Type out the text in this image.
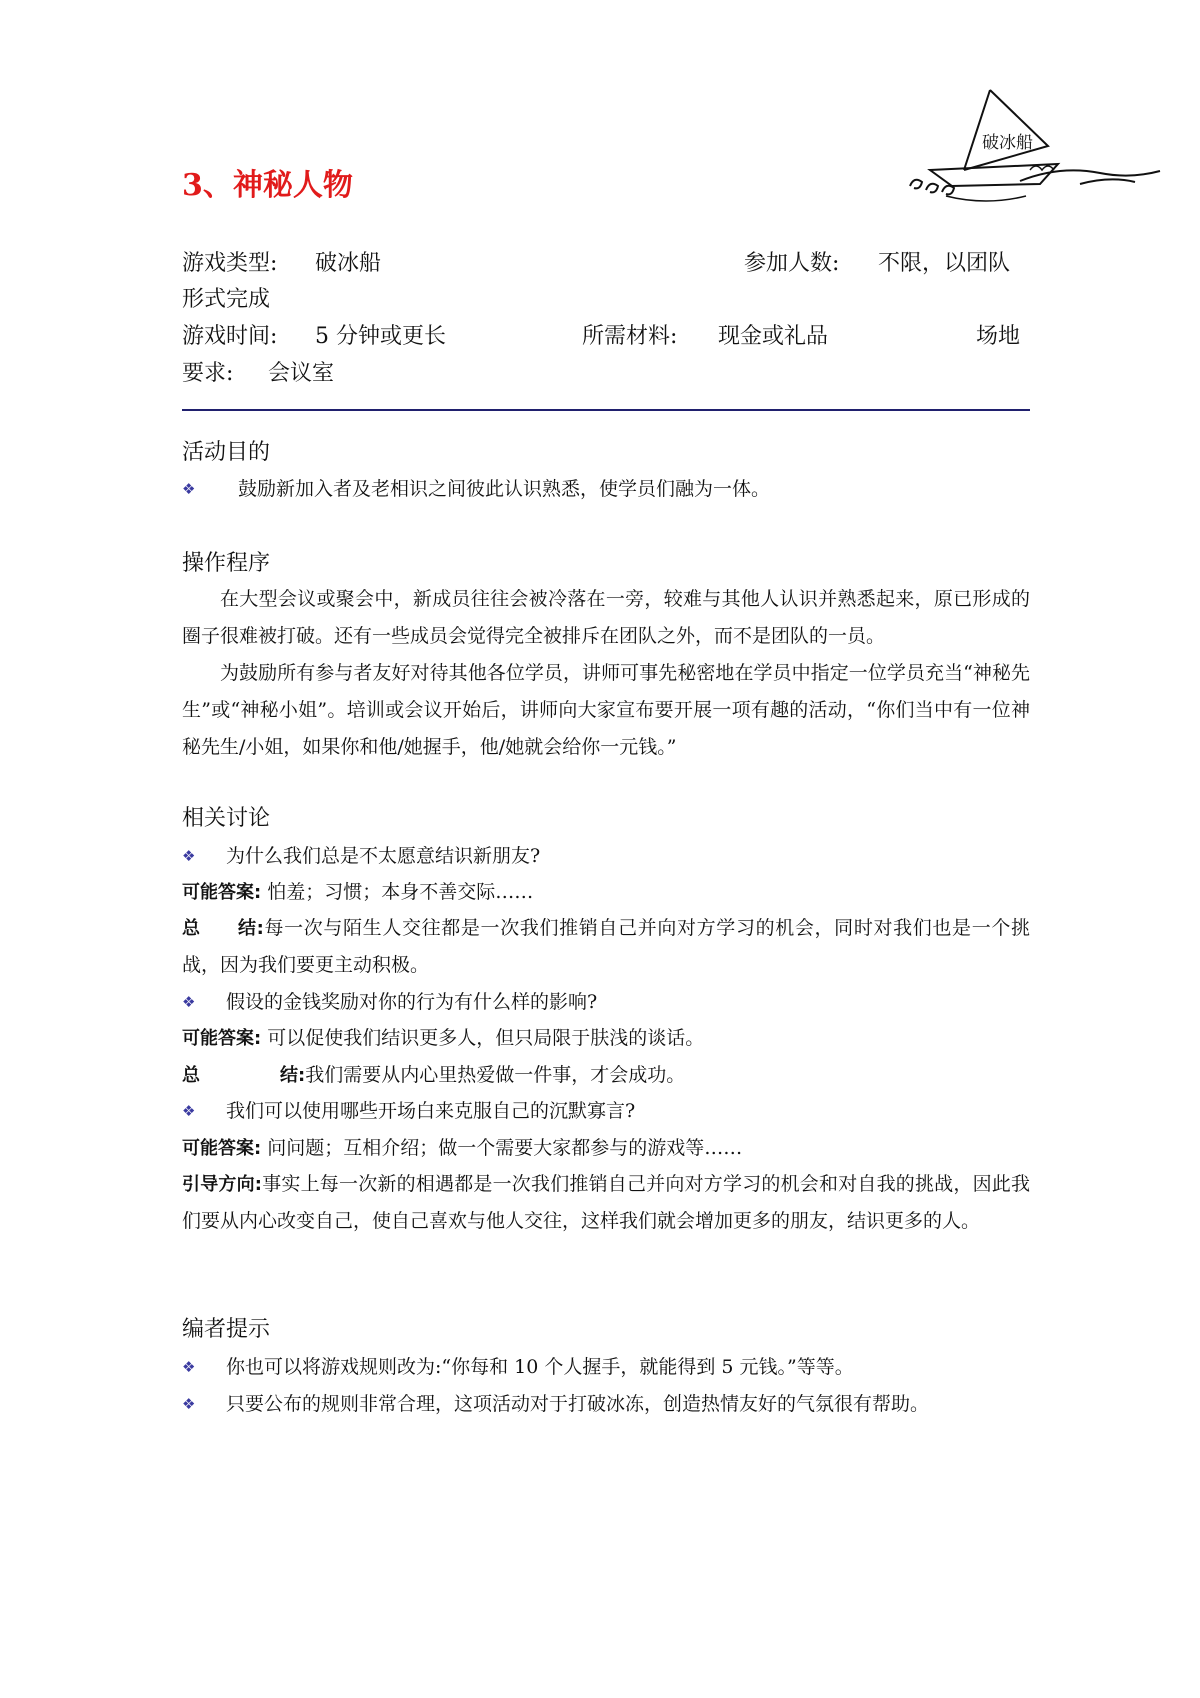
3、神秘人物
破冰船
游戏类型: 破冰船	参加人数: 不限，以团队
形式完成
游戏时间: 5 分钟或更长	所需材料: 现金或礼品	场地
要求: 会议室
活动目的
❖ 鼓励新加入者及老相识之间彼此认识熟悉，使学员们融为一体。
操作程序
在大型会议或聚会中，新成员往往会被冷落在一旁，较难与其他人认识并熟悉起来，原已形成的圈子很难被打破。还有一些成员会觉得完全被排斥在团队之外，而不是团队的一员。
为鼓励所有参与者友好对待其他各位学员，讲师可事先秘密地在学员中指定一位学员充当“神秘先生”或“神秘小姐”。培训或会议开始后，讲师向大家宣布要开展一项有趣的活动，“你们当中有一位神秘先生/小姐，如果你和他/她握手，他/她就会给你一元钱。”
相关讨论
❖ 为什么我们总是不太愿意结识新朋友?
可能答案: 怕羞；习惯；本身不善交际……
总　　结:每一次与陌生人交往都是一次我们推销自己并向对方学习的机会，同时对我们也是一个挑战，因为我们要更主动积极。
❖ 假设的金钱奖励对你的行为有什么样的影响?
可能答案: 可以促使我们结识更多人，但只局限于肤浅的谈话。
总	结:我们需要从内心里热爱做一件事，才会成功。
❖ 我们可以使用哪些开场白来克服自己的沉默寡言?
可能答案: 问问题；互相介绍；做一个需要大家都参与的游戏等……
引导方向:事实上每一次新的相遇都是一次我们推销自己并向对方学习的机会和对自我的挑战，因此我们要从内心改变自己，使自己喜欢与他人交往，这样我们就会增加更多的朋友，结识更多的人。
编者提示
❖ 你也可以将游戏规则改为:“你每和 10 个人握手，就能得到 5 元钱。”等等。
❖ 只要公布的规则非常合理，这项活动对于打破冰冻，创造热情友好的气氛很有帮助。
